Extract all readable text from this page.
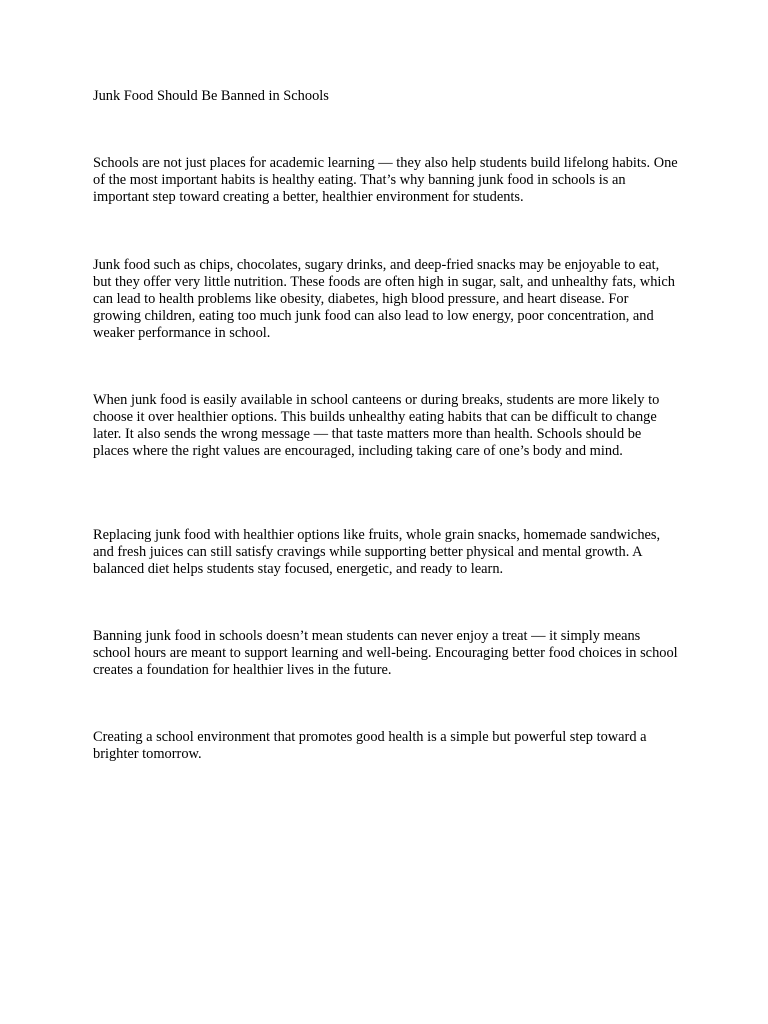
Junk Food Should Be Banned in Schools

Schools are not just places for academic learning — they also help students build lifelong habits. One of the most important habits is healthy eating. That’s why banning junk food in schools is an important step toward creating a better, healthier environment for students.

Junk food such as chips, chocolates, sugary drinks, and deep-fried snacks may be enjoyable to eat, but they offer very little nutrition. These foods are often high in sugar, salt, and unhealthy fats, which can lead to health problems like obesity, diabetes, high blood pressure, and heart disease. For growing children, eating too much junk food can also lead to low energy, poor concentration, and weaker performance in school.

When junk food is easily available in school canteens or during breaks, students are more likely to choose it over healthier options. This builds unhealthy eating habits that can be difficult to change later. It also sends the wrong message — that taste matters more than health. Schools should be places where the right values are encouraged, including taking care of one’s body and mind.

Replacing junk food with healthier options like fruits, whole grain snacks, homemade sandwiches, and fresh juices can still satisfy cravings while supporting better physical and mental growth. A balanced diet helps students stay focused, energetic, and ready to learn.

Banning junk food in schools doesn’t mean students can never enjoy a treat — it simply means school hours are meant to support learning and well-being. Encouraging better food choices in school creates a foundation for healthier lives in the future.

Creating a school environment that promotes good health is a simple but powerful step toward a brighter tomorrow.
